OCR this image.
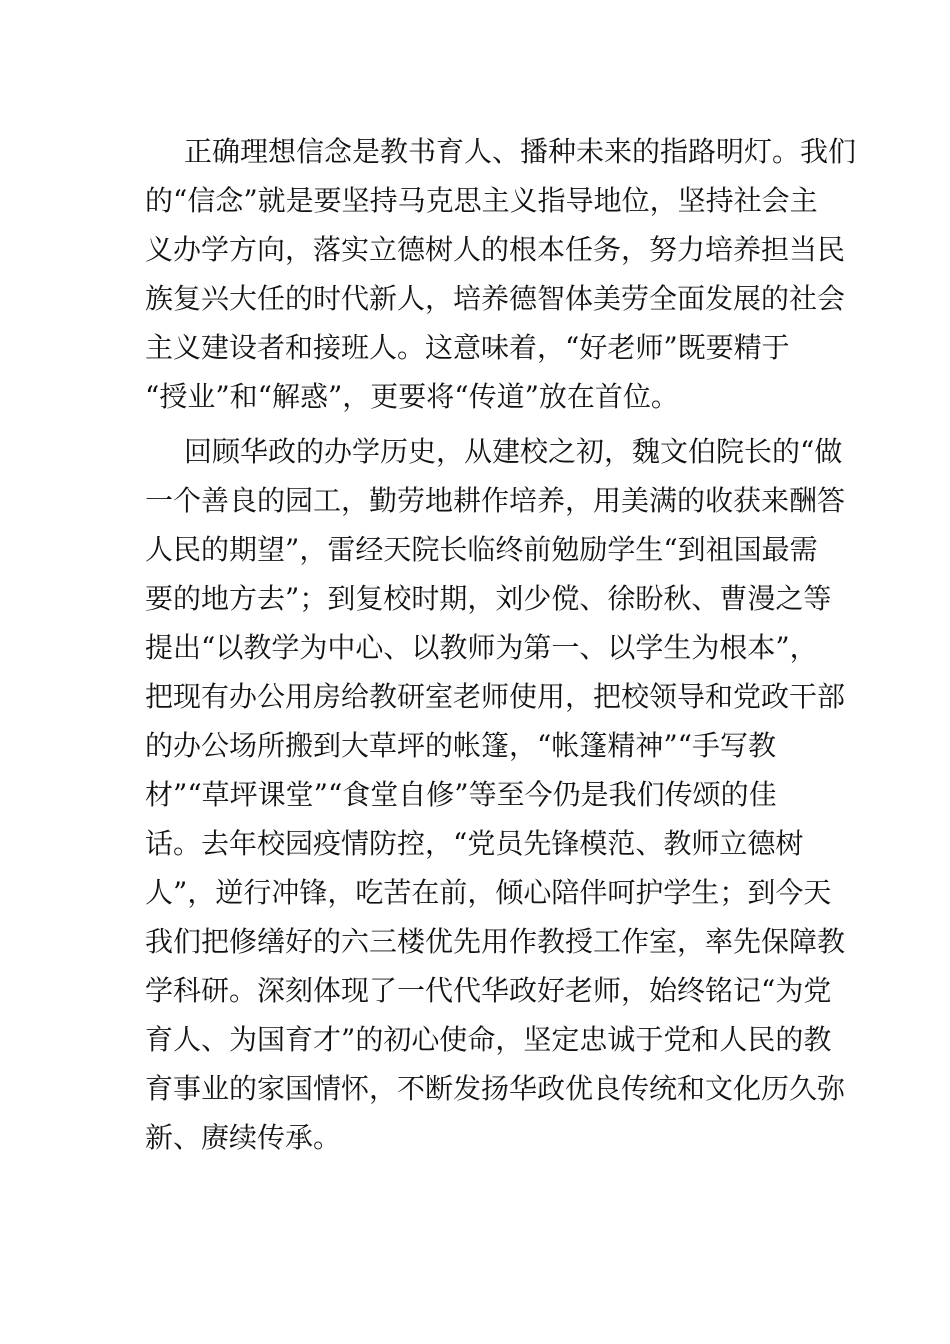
正确理想信念是教书育人、播种未来的指路明灯。我们
的“信念”就是要坚持马克思主义指导地位，坚持社会主
义办学方向，落实立德树人的根本任务，努力培养担当民
族复兴大任的时代新人，培养德智体美劳全面发展的社会
主义建设者和接班人。这意味着，“好老师”既要精于
“授业”和“解惑”，更要将“传道”放在首位。
回顾华政的办学历史，从建校之初，魏文伯院长的“做
一个善良的园工，勤劳地耕作培养，用美满的收获来酬答
人民的期望”，雷经天院长临终前勉励学生“到祖国最需
要的地方去”；到复校时期，刘少傥、徐盼秋、曹漫之等
提出“以教学为中心、以教师为第一、以学生为根本”，
把现有办公用房给教研室老师使用，把校领导和党政干部
的办公场所搬到大草坪的帐篷，“帐篷精神”“手写教
材”“草坪课堂”“食堂自修”等至今仍是我们传颂的佳
话。去年校园疫情防控，“党员先锋模范、教师立德树
人”，逆行冲锋，吃苦在前，倾心陪伴呵护学生；到今天
我们把修缮好的六三楼优先用作教授工作室，率先保障教
学科研。深刻体现了一代代华政好老师，始终铭记“为党
育人、为国育才”的初心使命，坚定忠诚于党和人民的教
育事业的家国情怀，不断发扬华政优良传统和文化历久弥
新、赓续传承。
